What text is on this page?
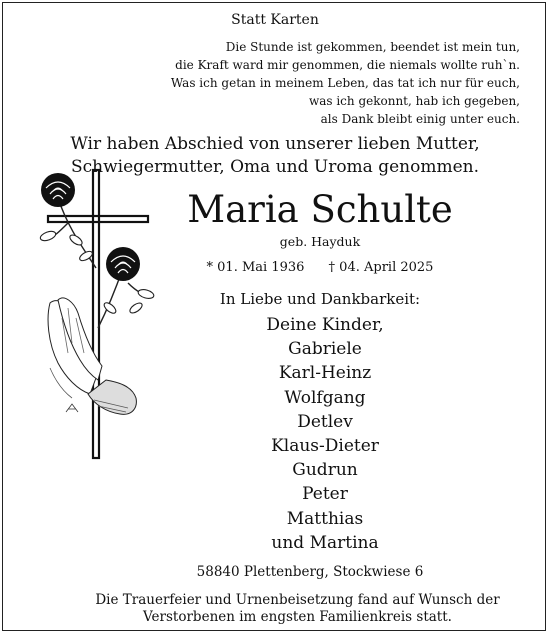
Statt Karten
Die Stunde ist gekommen, beendet ist mein tun,
die Kraft ward mir genommen, die niemals wollte ruh`n.
Was ich getan in meinem Leben, das tat ich nur für euch,
was ich gekonnt, hab ich gegeben,
als Dank bleibt einig unter euch.
Wir haben Abschied von unserer lieben Mutter,
Schwiegermutter, Oma und Uroma genommen.
Maria Schulte
geb. Hayduk
* 01. Mai 1936 † 04. April 2025
In Liebe und Dankbarkeit:
Deine Kinder,
Gabriele
Karl-Heinz
Wolfgang
Detlev
Klaus-Dieter
Gudrun
Peter
Matthias
und Martina
58840 Plettenberg, Stockwiese 6
Die Trauerfeier und Urnenbeisetzung fand auf Wunsch der
Verstorbenen im engsten Familienkreis statt.
